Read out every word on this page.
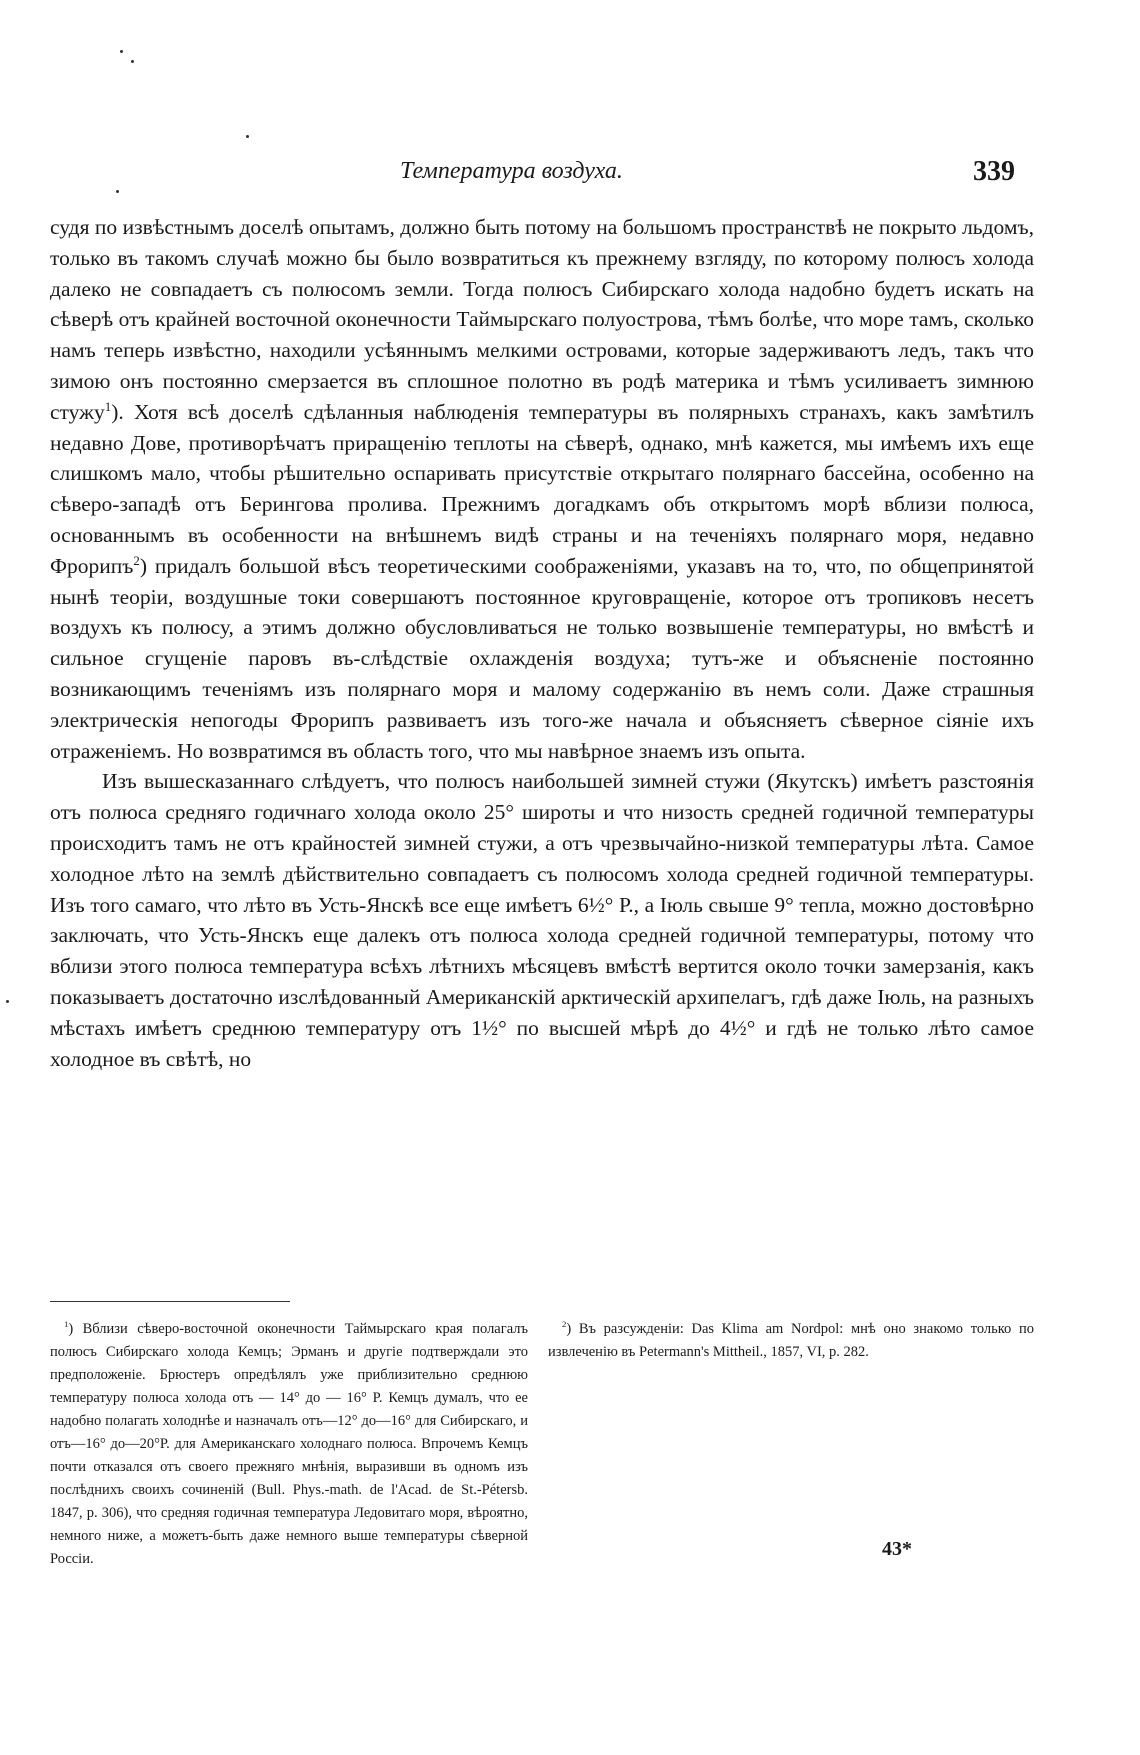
Температура воздуха.	339

судя по извѣстнымъ доселѣ опытамъ, должно быть потому на большомъ пространствѣ не покрыто льдомъ, только въ такомъ случаѣ можно бы было возвратиться къ прежнему взгляду, по которому полюсъ холода далеко не совпадаетъ съ полюсомъ земли. Тогда полюсъ Сибирскаго холода надобно будетъ искать на сѣверѣ отъ крайней восточной оконечности Таймырскаго полуострова, тѣмъ болѣе, что море тамъ, сколько намъ теперь извѣстно, находили усѣяннымъ мелкими островами, которые задерживаютъ ледъ, такъ что зимою онъ постоянно смерзается въ сплошное полотно въ родѣ материка и тѣмъ усиливаетъ зимнюю стужу$^1$). Хотя всѣ доселѣ сдѣланныя наблюденія температуры въ полярныхъ странахъ, какъ замѣтилъ недавно Дове, противорѣчатъ приращенію теплоты на сѣверѣ, однако, мнѣ кажется, мы имѣемъ ихъ еще слишкомъ мало, чтобы рѣшительно оспаривать присутствіе открытаго полярнаго бассейна, особенно на сѣверо-западѣ отъ Берингова пролива. Прежнимъ догадкамъ объ открытомъ морѣ вблизи полюса, основаннымъ въ особенности на внѣшнемъ видѣ страны и на теченіяхъ полярнаго моря, недавно Фрорипъ$^2$) придалъ большой вѣсъ теоретическими соображеніями, указавъ на то, что, по общепринятой нынѣ теоріи, воздушные токи совершаютъ постоянное круговращеніе, которое отъ тропиковъ несетъ воздухъ къ полюсу, а этимъ должно обусловливаться не только возвышеніе температуры, но вмѣстѣ и сильное сгущеніе паровъ въ-слѣдствіе охлажденія воздуха; тутъ-же и объясненіе постоянно возникающимъ теченіямъ изъ полярнаго моря и малому содержанію въ немъ соли. Даже страшныя электрическія непогоды Фрорипъ развиваетъ изъ того-же начала и объясняетъ сѣверное сіяніе ихъ отраженіемъ. Но возвратимся въ область того, что мы навѣрное знаемъ изъ опыта.

Изъ вышесказаннаго слѣдуетъ, что полюсъ наибольшей зимней стужи (Якутскъ) имѣетъ разстоянія отъ полюса средняго годичнаго холода около 25° широты и что низость средней годичной температуры происходитъ тамъ не отъ крайностей зимней стужи, а отъ чрезвычайно-низкой температуры лѣта. Самое холодное лѣто на землѣ дѣйствительно совпадаетъ съ полюсомъ холода средней годичной температуры. Изъ того самаго, что лѣто въ Усть-Янскѣ все еще имѣетъ 6½° Р., а Іюль свыше 9° тепла, можно достовѣрно заключать, что Усть-Янскъ еще далекъ отъ полюса холода средней годичной температуры, потому что вблизи этого полюса температура всѣхъ лѣтнихъ мѣсяцевъ вмѣстѣ вертится около точки замерзанія, какъ показываетъ достаточно изслѣдованный Американскій арктическій архипелагъ, гдѣ даже Іюль, на разныхъ мѣстахъ имѣетъ среднюю температуру отъ 1½° по высшей мѣрѣ до 4½° и гдѣ не только лѣто самое холодное въ свѣтѣ, но

$^1$) Вблизи сѣверо-восточной оконечности Таймырскаго края полагалъ полюсъ Сибирскаго холода Кемцъ; Эрманъ и другіе подтверждали это предположеніе. Брюстеръ опредѣлялъ уже приблизительно среднюю температуру полюса холода отъ — 14° до — 16° Р. Кемцъ думалъ, что ее надобно полагать холоднѣе и назначалъ отъ—12° до—16° для Сибирскаго, и отъ—16° до—20°Р. для Американскаго холоднаго полюса. Впрочемъ Кемцъ почти отказался отъ своего прежняго мнѣнія, выразивши въ одномъ изъ послѣднихъ своихъ сочиненій (Bull. Phys.-math. de l'Acad. de St.-Pétersb. 1847, p. 306), что средняя годичная температура Ледовитаго моря, вѣроятно, немного ниже, а можетъ-быть даже немного выше температуры сѣверной Россіи.

$^2$) Въ разсужденіи: Das Klima am Nordpol: мнѣ оно знакомо только по извлеченію въ Petermann's Mittheil., 1857, VI, p. 282.

43*
